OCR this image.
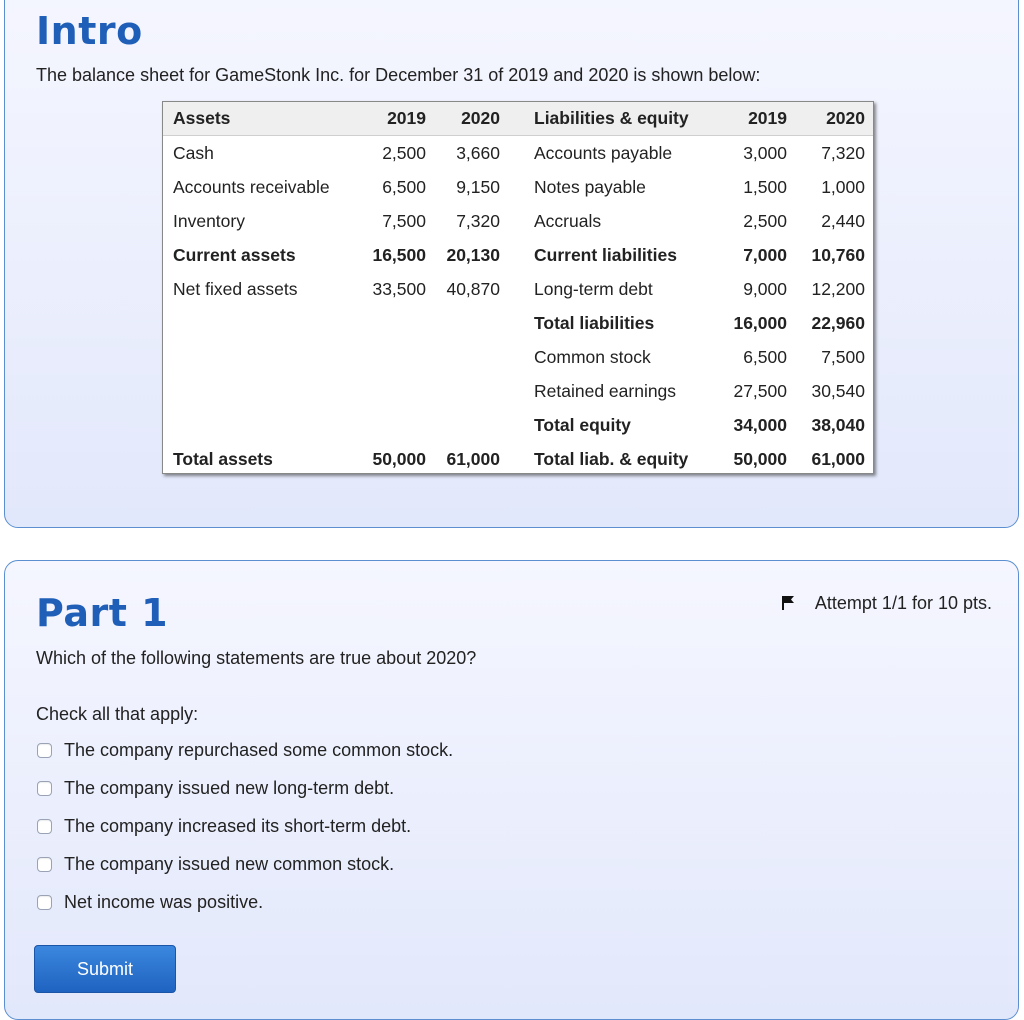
Intro
The balance sheet for GameStonk Inc. for December 31 of 2019 and 2020 is shown below:
Assets	2019 2020 Liabilities & equity	2019 2020
Cash	2,500 3,660 Accounts payable	3,000 7,320
Accounts receivable	6,500 9,150 Notes payable	1,500 1,000
Inventory	7,500 7,320 Accruals	2,500 2,440
Current assets	16,500 20,130 Current liabilities	7,000 10,760
Net fixed assets	33,500 40,870 Long-term debt	9,000 12,200
Total liabilities	16,000 22,960
Common stock	6,500 7,500
Retained earnings	27,500 30,540
Total equity	34,000 38,040
Total assets	50,000 61,000 Total liab. & equity	50,000 61,000
Part 1	Attempt 1/1 for 10 pts.
Which of the following statements are true about 2020?
Check all that apply:
The company repurchased some common stock.
The company issued new long-term debt.
The company increased its short-term debt.
The company issued new common stock.
Net income was positive.
Submit
